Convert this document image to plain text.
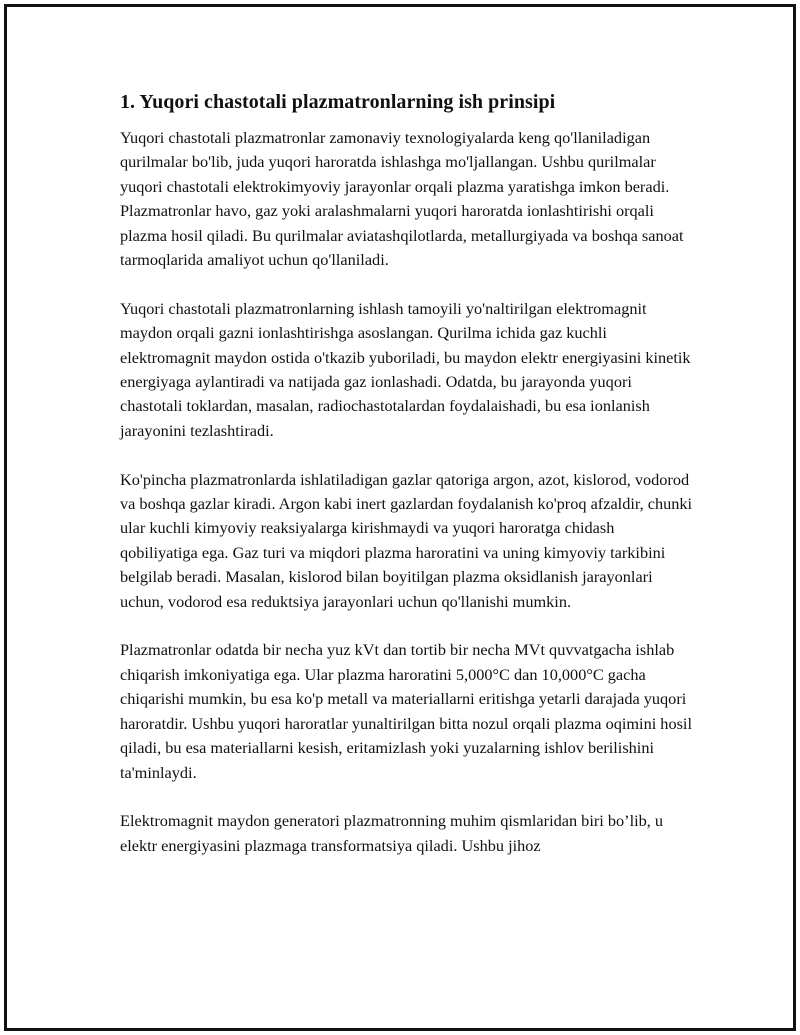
1. Yuqori chastotali plazmatronlarning ish prinsipi

Yuqori chastotali plazmatronlar zamonaviy texnologiyalarda keng qo'llaniladigan qurilmalar bo'lib, juda yuqori haroratda ishlashga mo'ljallangan. Ushbu qurilmalar yuqori chastotali elektrokimyoviy jarayonlar orqali plazma yaratishga imkon beradi. Plazmatronlar havo, gaz yoki aralashmalarni yuqori haroratda ionlashtirishi orqali plazma hosil qiladi. Bu qurilmalar aviatashqilotlarda, metallurgiyada va boshqa sanoat tarmoqlarida amaliyot uchun qo'llaniladi.

Yuqori chastotali plazmatronlarning ishlash tamoyili yo'naltirilgan elektromagnit maydon orqali gazni ionlashtirishga asoslangan. Qurilma ichida gaz kuchli elektromagnit maydon ostida o'tkazib yuboriladi, bu maydon elektr energiyasini kinetik energiyaga aylantiradi va natijada gaz ionlashadi. Odatda, bu jarayonda yuqori chastotali toklardan, masalan, radiochastotalardan foydalaishadi, bu esa ionlanish jarayonini tezlashtiradi.

Ko'pincha plazmatronlarda ishlatiladigan gazlar qatoriga argon, azot, kislorod, vodorod va boshqa gazlar kiradi. Argon kabi inert gazlardan foydalanish ko'proq afzaldir, chunki ular kuchli kimyoviy reaksiyalarga kirishmaydi va yuqori haroratga chidash qobiliyatiga ega. Gaz turi va miqdori plazma haroratini va uning kimyoviy tarkibini belgilab beradi. Masalan, kislorod bilan boyitilgan plazma oksidlanish jarayonlari uchun, vodorod esa reduktsiya jarayonlari uchun qo'llanishi mumkin.

Plazmatronlar odatda bir necha yuz kVt dan tortib bir necha MVt quvvatgacha ishlab chiqarish imkoniyatiga ega. Ular plazma haroratini 5,000°C dan 10,000°C gacha chiqarishi mumkin, bu esa ko'p metall va materiallarni eritishga yetarli darajada yuqori haroratdir. Ushbu yuqori haroratlar yunaltirilgan bitta nozul orqali plazma oqimini hosil qiladi, bu esa materiallarni kesish, eritamizlash yoki yuzalarning ishlov berilishini ta'minlaydi.

Elektromagnit maydon generatori plazmatronning muhim qismlaridan biri bo’lib, u elektr energiyasini plazmaga transformatsiya qiladi. Ushbu jihoz
